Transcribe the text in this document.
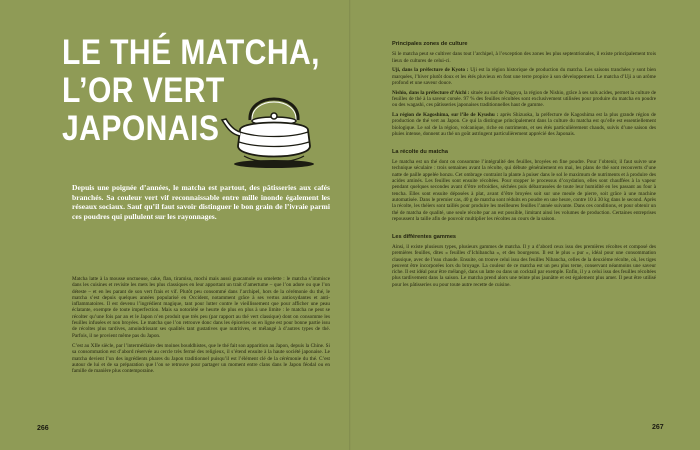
LE THÉ MATCHA,
L’OR VERT
JAPONAIS

Depuis une poignée d’années, le matcha est partout, des pâtisseries aux cafés branchés. Sa couleur vert vif reconnaissable entre mille inonde également les réseaux sociaux. Sauf qu’il faut savoir distinguer le bon grain de l’ivraie parmi ces poudres qui pullulent sur les rayonnages.

Matcha latte à la mousse onctueuse, cake, flan, tiramisu, mochi mais aussi guacamole ou omelette : le matcha s’immisce dans les cuisines et revisite les mets les plus classiques en leur apportant un trait d’amertume – que l’on adore ou que l’on déteste – et en les parant de son vert frais et vif. Plutôt peu consommé dans l’archipel, hors de la cérémonie du thé, le matcha s’est depuis quelques années popularisé en Occident, notamment grâce à ses vertus antioxydantes et anti-inflammatoires. Il est devenu l’ingrédient magique, tant pour lutter contre le vieillissement que pour afficher une peau éclatante, exempte de toute imperfection. Mais sa notoriété se heurte de plus en plus à une limite : le matcha ne peut se récolter qu’une fois par an et le Japon n’en produit que très peu (par rapport au thé vert classique) dont on consomme les feuilles infusées et non broyées. Le matcha que l’on retrouve donc dans les épiceries ou en ligne est pour bonne partie issu de récoltes plus tardives, amoindrissant ses qualités tant gustatives que nutritives, et mélangé à d’autres types de thé. Parfois, il ne provient même pas du Japon.

C’est au XIIe siècle, par l’intermédiaire des moines bouddhistes, que le thé fait son apparition au Japon, depuis la Chine. Si sa consommation est d’abord réservée au cercle très fermé des religieux, il s’étend ensuite à la haute société japonaise. Le matcha devient l’un des ingrédients phares du Japon traditionnel puisqu’il est l’élément clé de la cérémonie du thé. C’est autour de lui et de sa préparation que l’on se retrouve pour partager un moment entre clans dans le Japon féodal ou en famille de manière plus contemporaine.

Principales zones de culture

Si le matcha peut se cultiver dans tout l’archipel, à l’exception des zones les plus septentrionales, il existe principalement trois lieux de cultures de celui-ci.

Uji, dans la préfecture de Kyoto : Uji est la région historique de production du matcha. Les saisons tranchées y sont bien marquées, l’hiver plutôt doux et les étés pluvieux en font une terre propice à son développement. Le matcha d’Uji a un arôme profond et une saveur douce.

Nishio, dans la préfecture d’Aichi : située au sud de Nagoya, la région de Nishio, grâce à ses sols acides, permet la culture de feuilles de thé à la saveur corsée. 97 % des feuilles récoltées sont exclusivement utilisées pour produire du matcha en poudre ou des wagashi, ces pâtisseries japonaises traditionnelles haut de gamme.

La région de Kagoshima, sur l’île de Kyushu : après Shizuoka, la préfecture de Kagoshima est la plus grande région de production de thé vert au Japon. Ce qui la distingue principalement dans la culture du matcha est qu’elle est essentiellement biologique. Le sol de la région, volcanique, riche en nutriments, et ses étés particulièrement chauds, suivis d’une saison des pluies intense, donnent au thé un goût astringent particulièrement apprécié des Japonais.

La récolte du matcha

Le matcha est un thé dont on consomme l’intégralité des feuilles, broyées en fine poudre. Pour l’obtenir, il faut suivre une technique séculaire : trois semaines avant la récolte, qui débute généralement en mai, les plans de thé sont recouverts d’une natte de paille appelée honzu. Cet ombrage contraint la plante à puiser dans le sol le maximum de nutriments et à produire des acides aminés. Les feuilles sont ensuite récoltées. Pour stopper le processus d’oxydation, elles sont chauffées à la vapeur pendant quelques secondes avant d’être refroidies, séchées puis débarrassées de toute leur humidité en les passant au four à tencha. Elles sont ensuite déposées à plat, avant d’être broyées soit sur une meule de pierre, soit grâce à une machine automatisée. Dans le premier cas, 40 g de matcha sont réduits en poudre en une heure, contre 10 à 30 kg dans le second. Après la récolte, les théiers sont taillés pour produire les meilleures feuilles l’année suivante. Dans ces conditions, et pour obtenir un thé de matcha de qualité, une seule récolte par an est possible, limitant ainsi les volumes de production. Certaines entreprises repoussent la taille afin de pouvoir multiplier les récoltes au cours de la saison.

Les différentes gammes

Ainsi, il existe plusieurs types, plusieurs gammes de matcha. Il y a d’abord ceux issu des premières récoltes et composé des premières feuilles, dites « feuilles d’Ichibancha », et des bourgeons. Il est le plus « pur », idéal pour une consommation classique, avec de l’eau chaude. Ensuite, on trouve celui issu des feuilles Nibancha, celles de la deuxième récolte, où, les tiges peuvent être incorporées lors du broyage. La couleur de ce matcha est un peu plus terne, conservant néanmoins une saveur riche. Il est idéal pour être mélangé, dans un latte ou dans un cocktail par exemple. Enfin, il y a celui issu des feuilles récoltées plus tardivement dans la saison. Le matcha prend alors une teinte plus jaunâtre et est également plus amer. Il peut être utilisé pour les pâtisseries ou pour toute autre recette de cuisine.

266	267
